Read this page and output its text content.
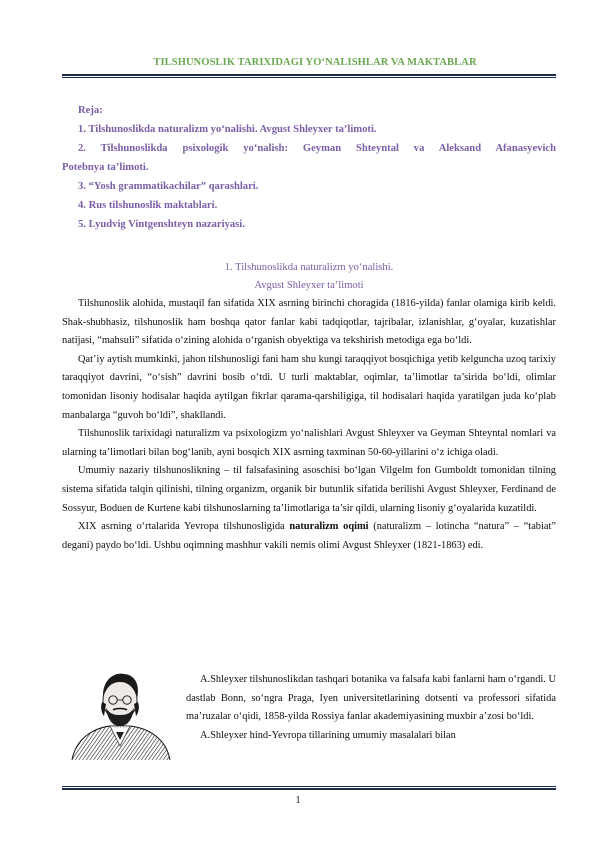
TILSHUNOSLIK TARIXIDAGI YO‘NALISHLAR VA MAKTABLAR
Reja:
1. Tilshunoslikda naturalizm yo‘nalishi. Avgust Shleyxer ta’limoti.
2. Tilshunoslikda psixologik yo‘nalish: Geyman Shteyntal va Aleksand Afanasyevich
Potebnya ta’limoti.
3. “Yosh grammatikachilar” qarashlari.
4. Rus tilshunoslik maktablari.
5. Lyudvig Vintgenshteyn nazariyasi.
1. Tilshunoslikda naturalizm yo‘nalishi.
Avgust Shleyxer ta’limoti

Tilshunoslik alohida, mustaqil fan sifatida XIX asrning birinchi choragida (1816-yilda) fanlar olamiga kirib keldi. Shak-shubhasiz, tilshunoslik ham boshqa qator fanlar kabi tadqiqotlar, tajribalar, izlanishlar, g‘oyalar, kuzatishlar natijasi, “mahsuli” sifatida o‘zining alohida o‘rganish obyektiga va tekshirish metodiga ega bo‘ldi.

Qat’iy aytish mumkinki, jahon tilshunosligi fani ham shu kungi taraqqiyot bosqichiga yetib kelguncha uzoq tarixiy taraqqiyot davrini, “o‘sish” davrini bosib o‘tdi. U turli maktablar, oqimlar, ta’limotlar ta’sirida bo‘ldi, olimlar tomonidan lisoniy hodisalar haqida aytilgan fikrlar qarama-qarshiligiga, til hodisalari haqida yaratilgan juda ko‘plab manbalarga “guvoh bo‘ldi”, shakllandi.

Tilshunoslik tarixidagi naturalizm va psixologizm yo‘nalishlari Avgust Shleyxer va Geyman Shteyntal nomlari va ularning ta’limotlari bilan bog‘lanib, ayni bosqich XIX asrning taxminan 50-60-yillarini o‘z ichiga oladi.

Umumiy nazariy tilshunoslikning – til falsafasining asoschisi bo‘lgan Vilgelm fon Gumboldt tomonidan tilning sistema sifatida talqin qilinishi, tilning organizm, organik bir butunlik sifatida berilishi Avgust Shleyxer, Ferdinand de Sossyur, Boduen de Kurtene kabi tilshunoslarning ta’limotlariga ta’sir qildi, ularning lisoniy g‘oyalarida kuzatildi.

XIX asrning o‘rtalarida Yevropa tilshunosligida naturalizm oqimi (naturalizm – lotincha “natura” – “tabiat” degani) paydo bo‘ldi. Ushbu oqimning mashhur vakili nemis olimi Avgust Shleyxer (1821-1863) edi.

A.Shleyxer tilshunoslikdan tashqari botanika va falsafa kabi fanlarni ham o‘rgandi. U dastlab Bonn, so‘ngra Praga, Iyen universitetlarining dotsenti va professori sifatida ma’ruzalar o‘qidi, 1858-yilda Rossiya fanlar akademiyasining muxbir a’zosi bo‘ldi.

A.Shleyxer hind-Yevropa tillarining umumiy masalalari bilan

1
